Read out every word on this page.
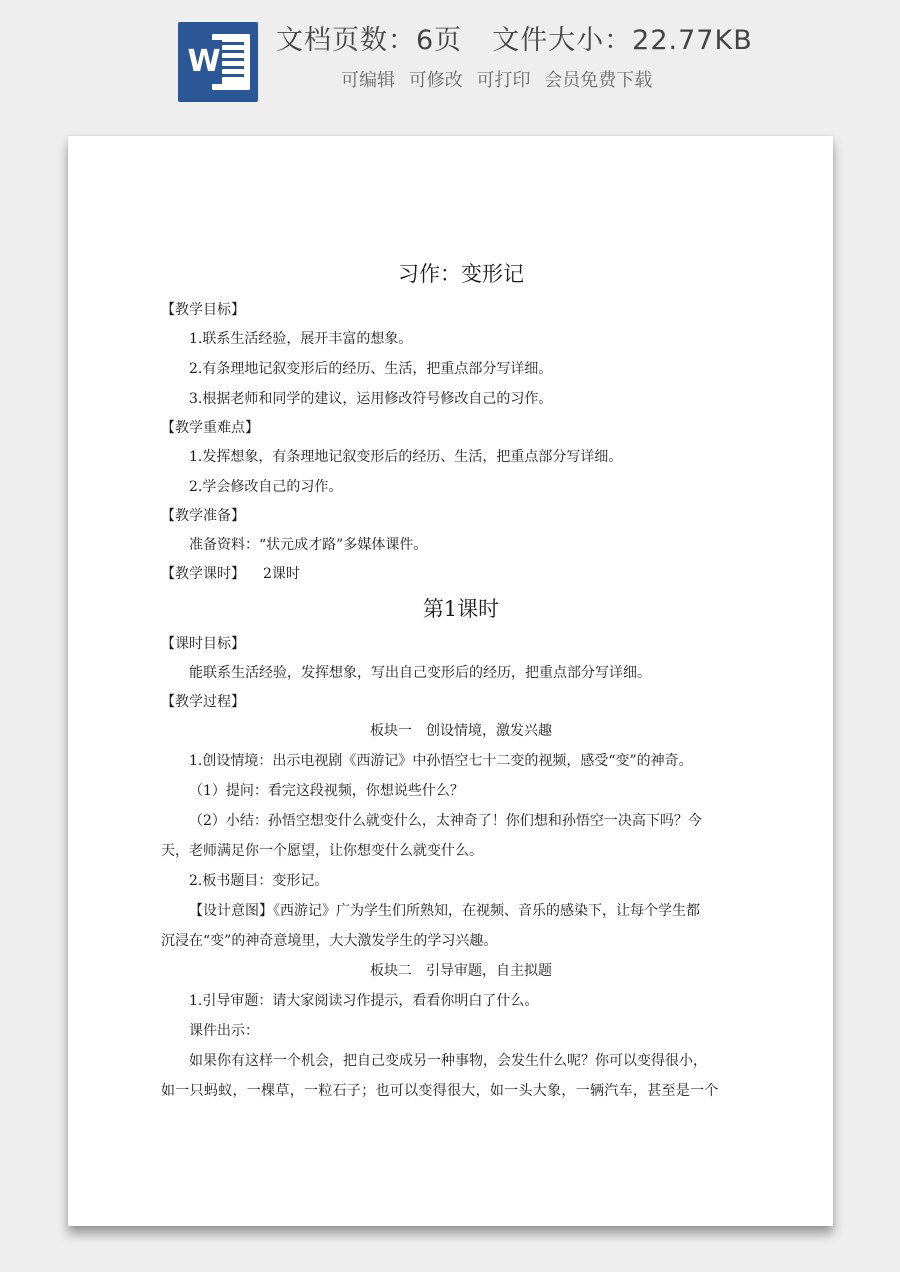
W
文档页数：6页 文件大小：22.77KB
可编辑 可修改 可打印 会员免费下载
习作：变形记
【教学目标】
1.联系生活经验，展开丰富的想象。
2.有条理地记叙变形后的经历、生活，把重点部分写详细。
3.根据老师和同学的建议，运用修改符号修改自己的习作。
【教学重难点】
1.发挥想象，有条理地记叙变形后的经历、生活，把重点部分写详细。
2.学会修改自己的习作。
【教学准备】
准备资料：“状元成才路”多媒体课件。
【教学课时】 2课时
第1课时
【课时目标】
能联系生活经验，发挥想象，写出自己变形后的经历，把重点部分写详细。
【教学过程】
板块一　创设情境，激发兴趣
1.创设情境：出示电视剧《西游记》中孙悟空七十二变的视频，感受“变”的神奇。
（1）提问：看完这段视频，你想说些什么？
（2）小结：孙悟空想变什么就变什么，太神奇了！你们想和孙悟空一决高下吗？今
天，老师满足你一个愿望，让你想变什么就变什么。
2.板书题目：变形记。
【设计意图】《西游记》广为学生们所熟知，在视频、音乐的感染下，让每个学生都
沉浸在“变”的神奇意境里，大大激发学生的学习兴趣。
板块二　引导审题，自主拟题
1.引导审题：请大家阅读习作提示，看看你明白了什么。
课件出示：
如果你有这样一个机会，把自己变成另一种事物，会发生什么呢？你可以变得很小，
如一只蚂蚁，一棵草，一粒石子；也可以变得很大，如一头大象，一辆汽车，甚至是一个
